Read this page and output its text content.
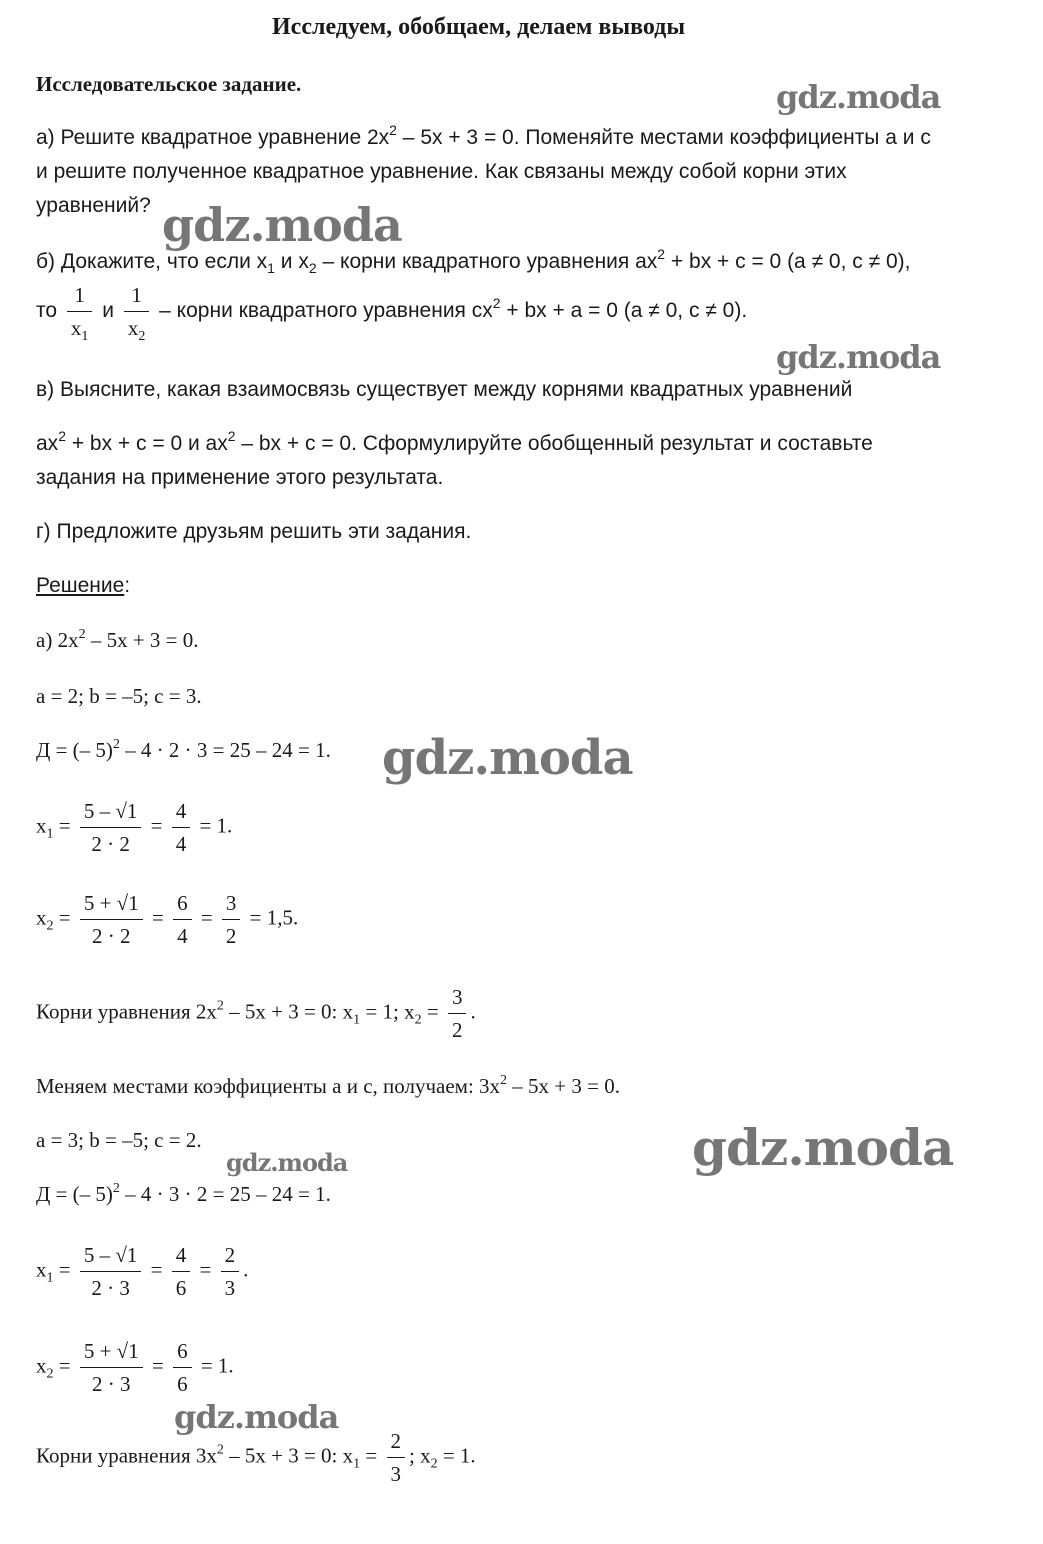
Исследуем, обобщаем, делаем выводы
Исследовательское задание.
а) Решите квадратное уравнение $2x^2 - 5x + 3 = 0$. Поменяйте местами коэффициенты a и c
и решите полученное квадратное уравнение. Как связаны между собой корни этих
уравнений?
б) Докажите, что если $x_1$ и $x_2$ – корни квадратного уравнения $ax^2$ + bx + c = 0 (a ≠ 0, c ≠ 0),
то $\frac{1}{x_1}$ и $\frac{1}{x_2}$ – корни квадратного уравнения $cx^2$ + bx + a = 0 (a ≠ 0, c ≠ 0).
в) Выясните, какая взаимосвязь существует между корнями квадратных уравнений
$ax^2$ + bx + c = 0 и $ax^2$ – bx + c = 0. Сформулируйте обобщенный результат и составьте
задания на применение этого результата.
г) Предложите друзьям решить эти задания.
Решение:
а) $2x^2 - 5x + 3 = 0$.
a = 2; b = –5; c = 3.
Д = (– 5)$^2$ – 4 · 2 · 3 = 25 – 24 = 1.
$x_1 = \frac{5 - √1}{2 \cdot 2} = \frac{4}{4} = 1$.
$x_2 = \frac{5 + √1}{2 \cdot 2} = \frac{6}{4} = \frac{3}{2} = 1,5$.
Корни уравнения $2x^2 - 5x + 3 = 0$: $x_1 = 1$; $x_2 = \frac{3}{2}$ .
Меняем местами коэффициенты a и c, получаем: $3x^2 - 5x + 3 = 0$.
a = 3; b = –5; c = 2.
Д = (– 5)$^2$ – 4 · 3 · 2 = 25 – 24 = 1.
$x_1 = \frac{5 - √1}{2 \cdot 3} = \frac{4}{6} = \frac{2}{3}$ .
$x_2 = \frac{5 + √1}{2 \cdot 3} = \frac{6}{6} = 1$.
Корни уравнения $3x^2 - 5x + 3 = 0$: $x_1 = \frac{2}{3}$ ; $x_2 = 1$.
gdz.moda
gdz.moda
gdz.moda
gdz.moda
gdz.moda
gdz.moda
gdz.moda
